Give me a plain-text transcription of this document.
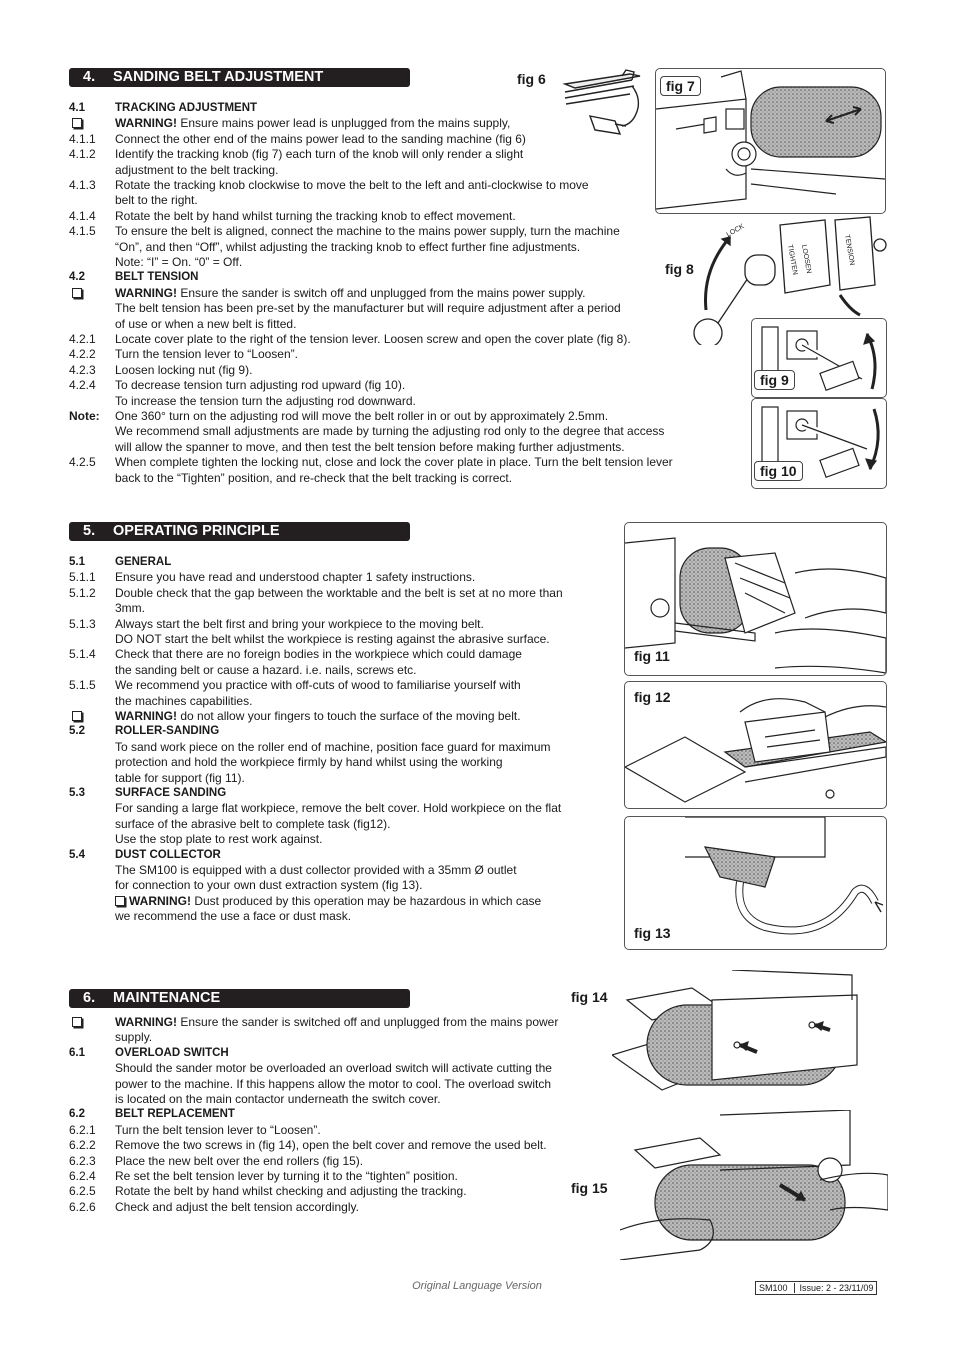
4. SANDING BELT ADJUSTMENT
5. OPERATING PRINCIPLE
6. MAINTENANCE
4.1	TRACKING ADJUSTMENT
WARNING! Ensure mains power lead is unplugged from the mains supply,
4.1.1 Connect the other end of the mains power lead to the sanding machine (fig 6)
4.1.2 Identify the tracking knob (fig 7) each turn of the knob will only render a slight
adjustment to the belt tracking.
4.1.3 Rotate the tracking knob clockwise to move the belt to the left and anti-clockwise to move
belt to the right.
4.1.4 Rotate the belt by hand whilst turning the tracking knob to effect movement.
4.1.5 To ensure the belt is aligned, connect the machine to the mains power supply, turn the machine
“On”, and then “Off”, whilst adjusting the tracking knob to effect further fine adjustments.
Note: “I” = On. “0” = Off.
4.2	BELT TENSION
WARNING! Ensure the sander is switch off and unplugged from the mains power supply.
The belt tension has been pre-set by the manufacturer but will require adjustment after a period
of use or when a new belt is fitted.
4.2.1 Locate cover plate to the right of the tension lever. Loosen screw and open the cover plate (fig 8).
4.2.2 Turn the tension lever to “Loosen”.
4.2.3 Loosen locking nut (fig 9).
4.2.4 To decrease tension turn adjusting rod upward (fig 10).
To increase the tension turn the adjusting rod downward.
Note: One 360° turn on the adjusting rod will move the belt roller in or out by approximately 2.5mm.
We recommend small adjustments are made by turning the adjusting rod only to the degree that access
will allow the spanner to move, and then test the belt tension before making further adjustments.
4.2.5 When complete tighten the locking nut, close and lock the cover plate in place. Turn the belt tension lever
back to the “Tighten” position, and re-check that the belt tracking is correct.
5.1	GENERAL
5.1.1 Ensure you have read and understood chapter 1 safety instructions.
5.1.2 Double check that the gap between the worktable and the belt is set at no more than
3mm.
5.1.3 Always start the belt first and bring your workpiece to the moving belt.
DO NOT start the belt whilst the workpiece is resting against the abrasive surface.
5.1.4 Check that there are no foreign bodies in the workpiece which could damage
the sanding belt or cause a hazard. i.e. nails, screws etc.
5.1.5 We recommend you practice with off-cuts of wood to familiarise yourself with
the machines capabilities.
WARNING! do not allow your fingers to touch the surface of the moving belt.
5.2	ROLLER-SANDING
To sand work piece on the roller end of machine, position face guard for maximum
protection and hold the workpiece firmly by hand whilst using the working
table for support (fig 11).
5.3	SURFACE SANDING
For sanding a large flat workpiece, remove the belt cover. Hold workpiece on the flat
surface of the abrasive belt to complete task (fig12).
Use the stop plate to rest work against.
5.4	DUST COLLECTOR
The SM100 is equipped with a dust collector provided with a 35mm Ø outlet
for connection to your own dust extraction system (fig 13).
WARNING! Dust produced by this operation may be hazardous in which case
we recommend the use a face or dust mask.
WARNING! Ensure the sander is switched off and unplugged from the mains power
supply.
6.1	OVERLOAD SWITCH
Should the sander motor be overloaded an overload switch will activate cutting the
power to the machine. If this happens allow the motor to cool. The overload switch
is located on the main contactor underneath the switch cover.
6.2	BELT REPLACEMENT
6.2.1 Turn the belt tension lever to “Loosen”.
6.2.2 Remove the two screws in (fig 14), open the belt cover and remove the used belt.
6.2.3 Place the new belt over the end rollers (fig 15).
6.2.4 Re set the belt tension lever by turning it to the “tighten” position.
6.2.5 Rotate the belt by hand whilst checking and adjusting the tracking.
6.2.6 Check and adjust the belt tension accordingly.
fig 6	fig 7
fig 8	TIGHTEN LOOSEN	TENSION
LOCK
fig 9
fig 10
fig 11
fig 12
fig 13
fig 14
fig 15
Original Language Version	SM100	Issue: 2 - 23/11/09
